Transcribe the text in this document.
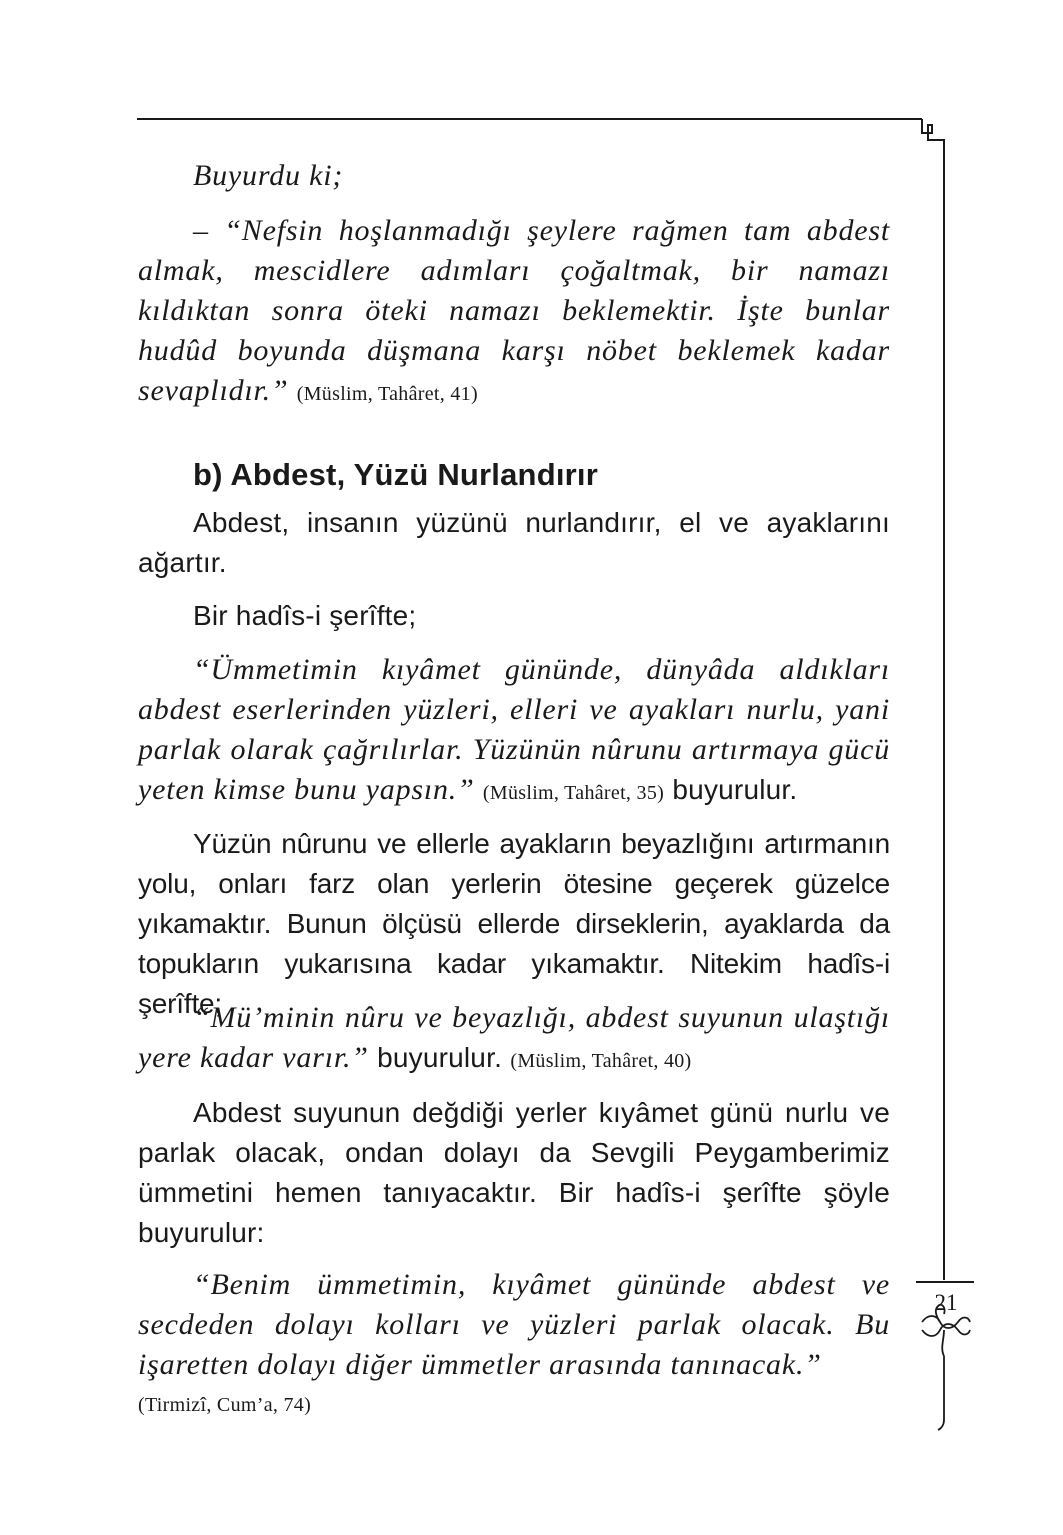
21

Buyurdu ki;

– “Nefsin hoşlanmadığı şeylere rağmen tam abdest almak, mescidlere adımları çoğaltmak, bir namazı kıldıktan sonra öteki namazı beklemektir. İşte bunlar hudûd boyunda düşmana karşı nöbet beklemek kadar sevaplıdır.” (Müslim, Tahâret, 41)

b) Abdest, Yüzü Nurlandırır

Abdest, insanın yüzünü nurlandırır, el ve ayaklarını ağartır.

Bir hadîs-i şerîfte;

“Ümmetimin kıyâmet gününde, dünyâda aldıkları abdest eserlerinden yüzleri, elleri ve ayakları nurlu, yani parlak olarak çağrılırlar. Yüzünün nûrunu artırmaya gücü yeten kimse bunu yapsın.” (Müslim, Tahâret, 35) buyurulur.

Yüzün nûrunu ve ellerle ayakların beyazlığını artırmanın yolu, onları farz olan yerlerin ötesine geçerek güzelce yıkamaktır. Bunun ölçüsü ellerde dirseklerin, ayaklarda da topukların yukarısına kadar yıkamaktır. Nitekim hadîs-i şerîfte;

“Mü’minin nûru ve beyazlığı, abdest suyunun ulaştığı yere kadar varır.” buyurulur. (Müslim, Tahâret, 40)

Abdest suyunun değdiği yerler kıyâmet günü nurlu ve parlak olacak, ondan dolayı da Sevgili Peygamberimiz ümmetini hemen tanıyacaktır. Bir hadîs-i şerîfte şöyle buyurulur:

“Benim ümmetimin, kıyâmet gününde abdest ve secdeden dolayı kolları ve yüzleri parlak olacak. Bu işaretten dolayı diğer ümmetler arasında tanınacak.”

(Tirmizî, Cum’a, 74)
